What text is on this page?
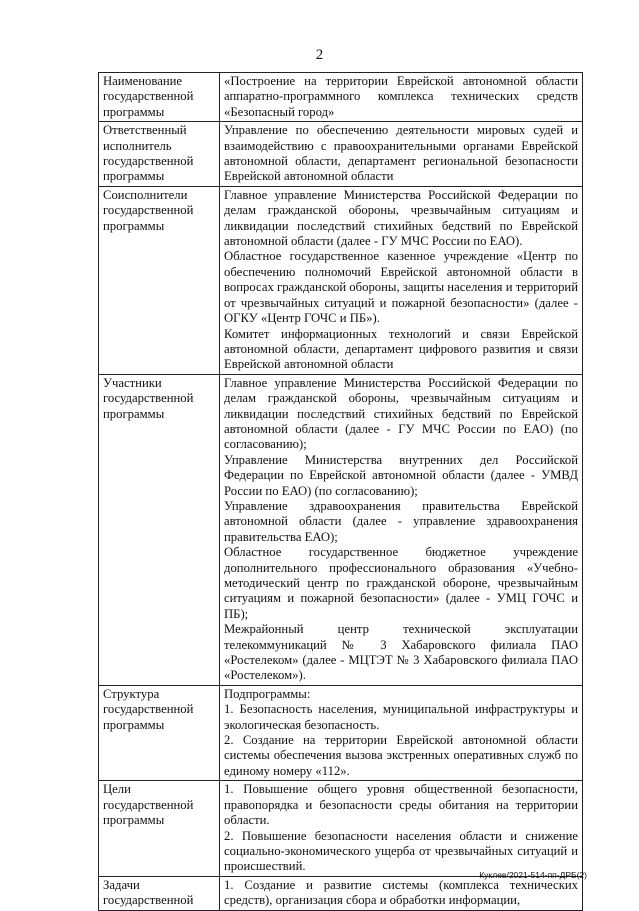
2
Наименование государственной программы	«Построение на территории Еврейской автономной области аппаратно-программного комплекса технических средств «Безопасный город»

Ответственный исполнитель государственной программы	Управление по обеспечению деятельности мировых судей и взаимодействию с правоохранительными органами Еврейской автономной области, департамент региональной безопасности Еврейской автономной области

Соисполнители государственной программы	Главное управление Министерства Российской Федерации по делам гражданской обороны, чрезвычайным ситуациям и ликвидации последствий стихийных бедствий по Еврейской автономной области (далее - ГУ МЧС России по ЕАО).
Областное государственное казенное учреждение «Центр по обеспечению полномочий Еврейской автономной области в вопросах гражданской обороны, защиты населения и территорий от чрезвычайных ситуаций и пожарной безопасности» (далее - ОГКУ «Центр ГОЧС и ПБ»).
Комитет информационных технологий и связи Еврейской автономной области, департамент цифрового развития и связи Еврейской автономной области

Участники государственной программы	Главное управление Министерства Российской Федерации по делам гражданской обороны, чрезвычайным ситуациям и ликвидации последствий стихийных бедствий по Еврейской автономной области (далее - ГУ МЧС России по ЕАО) (по согласованию);
Управление Министерства внутренних дел Российской Федерации по Еврейской автономной области (далее - УМВД России по ЕАО) (по согласованию);
Управление здравоохранения правительства Еврейской автономной области (далее - управление здравоохранения правительства ЕАО);
Областное государственное бюджетное учреждение дополнительного профессионального образования «Учебно-методический центр по гражданской обороне, чрезвычайным ситуациям и пожарной безопасности» (далее - УМЦ ГОЧС и ПБ);
Межрайонный центр технической эксплуатации телекоммуникаций № 3 Хабаровского филиала ПАО «Ростелеком» (далее - МЦТЭТ № 3 Хабаровского филиала ПАО «Ростелеком»).

Структура государственной программы	Подпрограммы:
1. Безопасность населения, муниципальной инфраструктуры и экологическая безопасность.
2. Создание на территории Еврейской автономной области системы обеспечения вызова экстренных оперативных служб по единому номеру «112».

Цели государственной программы	1. Повышение общего уровня общественной безопасности, правопорядка и безопасности среды обитания на территории области.
2. Повышение безопасности населения области и снижение социально-экономического ущерба от чрезвычайных ситуаций и происшествий.

Задачи государственной	1. Создание и развитие системы (комплекса технических средств), организация сбора и обработки информации,
Куклев/2021-514-пп-ДРБ(2)
